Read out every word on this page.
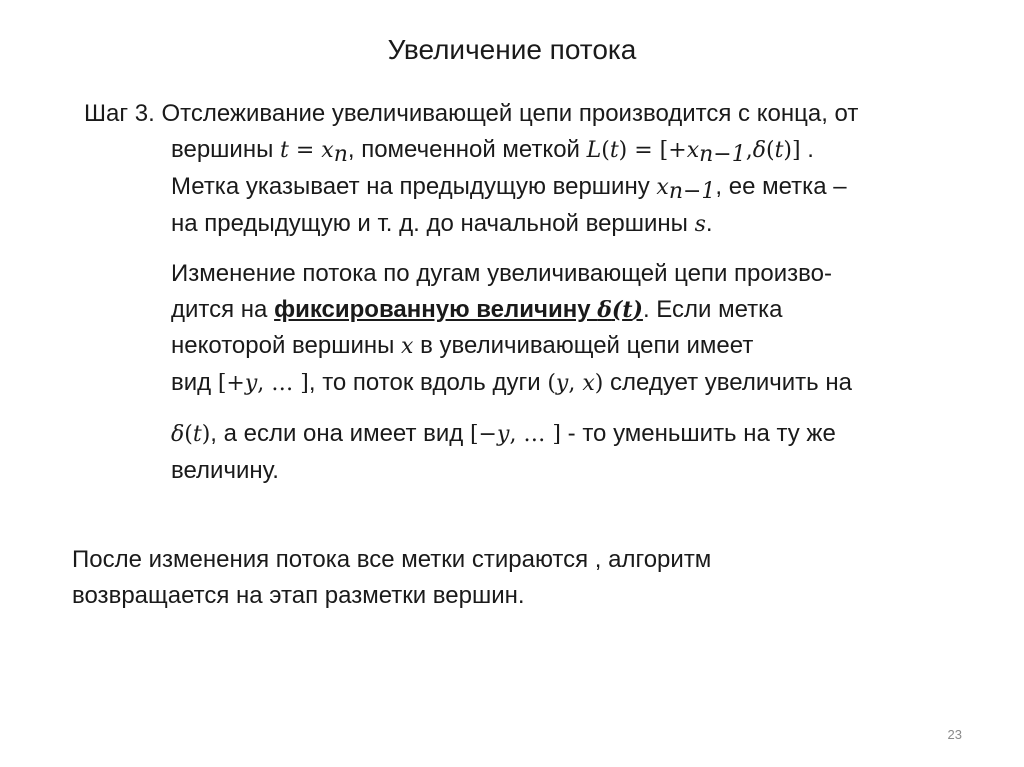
Увеличение потока

Шаг 3. Отслеживание увеличивающей цепи производится с конца, от
вершины $t = x_n$, помеченной меткой $L(t) = [+x_{n-1},\delta(t)]$ .
Метка указывает на предыдущую вершину $x_{n-1}$, ее метка –
на предыдущую и т. д. до начальной вершины s.

Изменение потока по дугам увеличивающей цепи произво-
дится на фиксированную величину δ(t). Если метка
некоторой вершины x в увеличивающей цепи имеет
вид [+y, … ], то поток вдоль дуги (y, x) следует увеличить на

δ(t), а если она имеет вид [−y, … ] - то уменьшить на ту же
величину.

После изменения потока все метки стираются , алгоритм
возвращается на этап разметки вершин.

23
